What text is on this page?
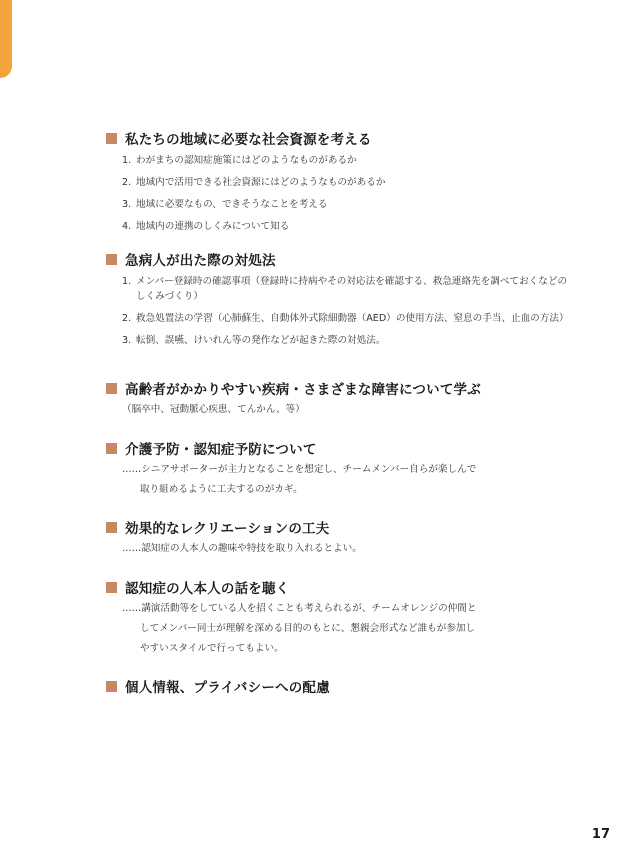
私たちの地域に必要な社会資源を考える
1. わがまちの認知症施策にはどのようなものがあるか
2. 地域内で活用できる社会資源にはどのようなものがあるか
3. 地域に必要なもの、できそうなことを考える
4. 地域内の連携のしくみについて知る
急病人が出た際の対処法
1. メンバー登録時の確認事項（登録時に持病やその対応法を確認する、救急連絡先を調べておくなどのしくみづくり）
2. 救急処置法の学習（心肺蘇生、自動体外式除細動器（AED）の使用方法、窒息の手当、止血の方法）
3. 転倒、誤嚥、けいれん等の発作などが起きた際の対処法。
高齢者がかかりやすい疾病・さまざまな障害について学ぶ
（脳卒中、冠動脈心疾患、てんかん、等）
介護予防・認知症予防について
……シニアサポーターが主力となることを想定し、チームメンバー自らが楽しんで
取り組めるように工夫するのがカギ。
効果的なレクリエーションの工夫
……認知症の人本人の趣味や特技を取り入れるとよい。
認知症の人本人の話を聴く
……講演活動等をしている人を招くことも考えられるが、チームオレンジの仲間と
してメンバー同士が理解を深める目的のもとに、懇親会形式など誰もが参加し
やすいスタイルで行ってもよい。
個人情報、プライバシーへの配慮
17
